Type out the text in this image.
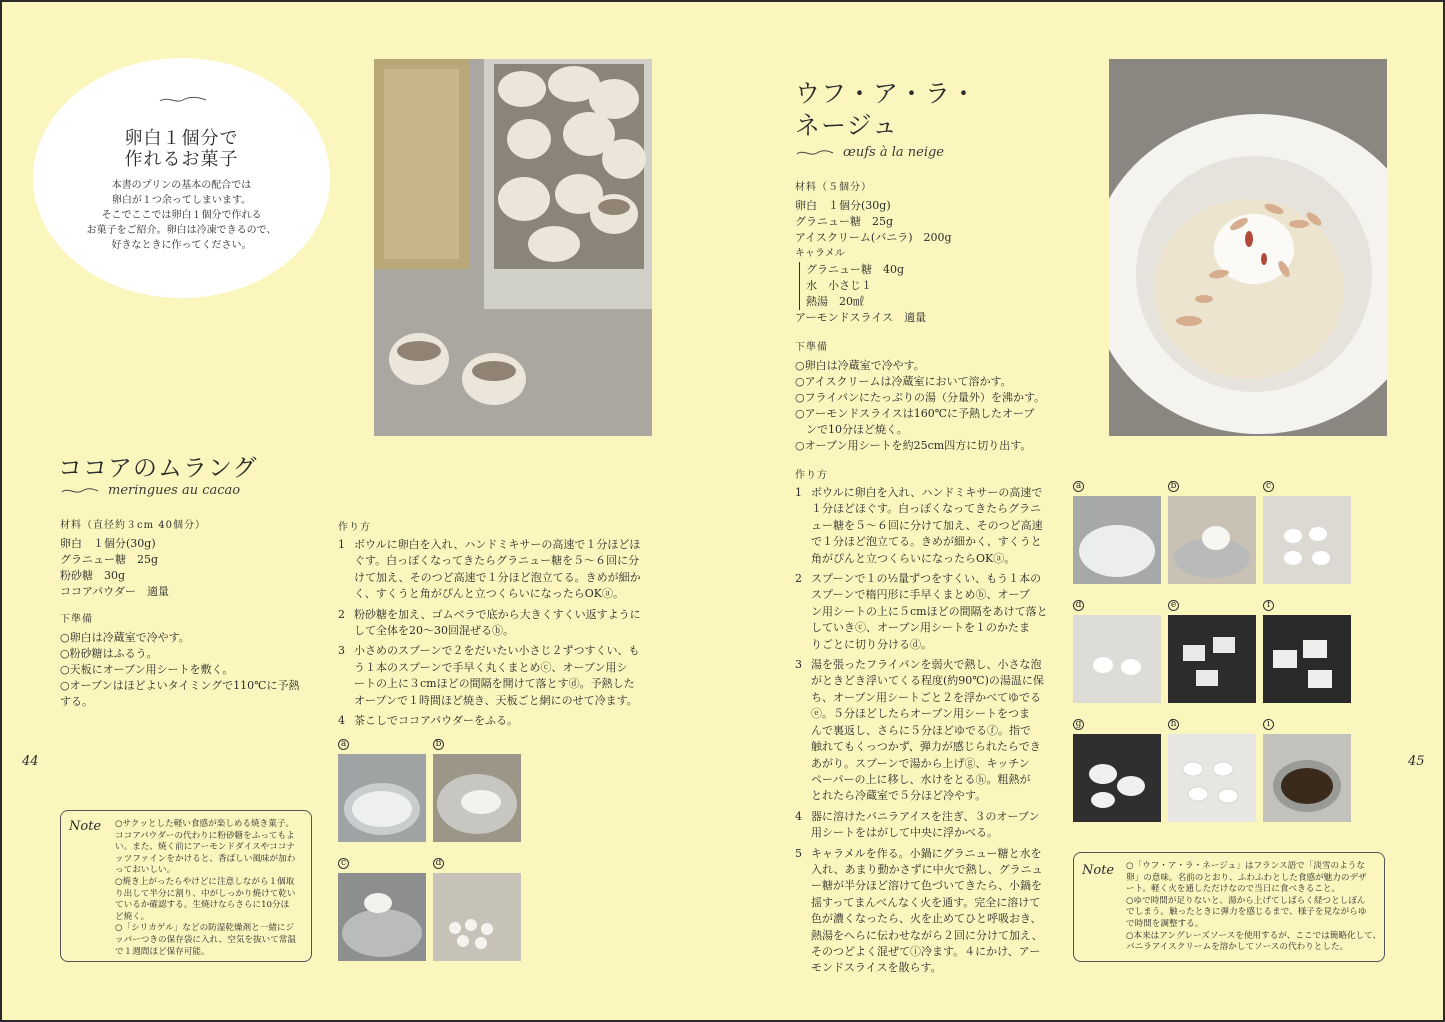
卵白１個分で
作れるお菓子
本書のプリンの基本の配合では
卵白が１つ余ってしまいます。
そこでここでは卵白１個分で作れる
お菓子をご紹介。卵白は冷凍できるので、
好きなときに作ってください。
ココアのムラング
meringues au cacao
材料（直径約３cm 40個分）
卵白　１個分(30g)
グラニュー糖　25g
粉砂糖　30g
ココアパウダー　適量
下準備
○卵白は冷蔵室で冷やす。
○粉砂糖はふるう。
○天板にオーブン用シートを敷く。
○オーブンはほどよいタイミングで110℃に予熱
する。
作り方
1 ボウルに卵白を入れ、ハンドミキサーの高速で１分ほどほ
ぐす。白っぽくなってきたらグラニュー糖を５〜６回に分
けて加え、そのつど高速で１分ほど泡立てる。きめが細か
く、すくうと角がぴんと立つくらいになったらOKⓐ。
2 粉砂糖を加え、ゴムベラで底から大きくすくい返すように
して全体を20〜30回混ぜるⓑ。
3 小さめのスプーンで２をだいたい小さじ２ずつすくい、も
う１本のスプーンで手早く丸くまとめⓒ、オーブン用シ
ートの上に３cmほどの間隔を開けて落とすⓓ。予熱した
オーブンで１時間ほど焼き、天板ごと網にのせて冷ます。
4 茶こしでココアパウダーをふる。
a	b
c	d
Note ○サクッとした軽い食感が楽しめる焼き菓子。
ココアパウダーの代わりに粉砂糖をふってもよ
い。また、焼く前にアーモンドダイスやココナ
ッツファインをかけると、香ばしい風味が加わ
っておいしい。
○焼き上がったらやけどに注意しながら１個取
り出して半分に割り、中がしっかり焼けて乾い
ているか確認する。生焼けならさらに10分ほ
ど焼く。
○「シリカゲル」などの防湿乾燥剤と一緒にジ
ッパーつきの保存袋に入れ、空気を抜いて常温
で１週間ほど保存可能。
44
ウフ・ア・ラ・
ネージュ
œufs à la neige
材料（５個分）
卵白　１個分(30g)
グラニュー糖　25g
アイスクリーム(バニラ)　200g
キャラメル
グラニュー糖　40g
水　小さじ１
熱湯　20㎖
アーモンドスライス　適量
下準備
○卵白は冷蔵室で冷やす。
○アイスクリームは冷蔵室において溶かす。
○フライパンにたっぷりの湯（分量外）を沸かす。
○アーモンドスライスは160℃に予熱したオーブ
　ンで10分ほど焼く。
○オーブン用シートを約25cm四方に切り出す。
作り方
1 ボウルに卵白を入れ、ハンドミキサーの高速で
１分ほどほぐす。白っぽくなってきたらグラニ
ュー糖を５〜６回に分けて加え、そのつど高速
で１分ほど泡立てる。きめが細かく、すくうと
角がぴんと立つくらいになったらOKⓐ。
2 スプーンで１の½量ずつをすくい、もう１本の
スプーンで楕円形に手早くまとめⓑ、オーブ
ン用シートの上に５cmほどの間隔をあけて落と
していきⓒ、オーブン用シートを１のかたま
りごとに切り分けるⓓ。
3 湯を張ったフライパンを弱火で熱し、小さな泡
がときどき浮いてくる程度(約90℃)の湯温に保
ち、オーブン用シートごと２を浮かべてゆでる
ⓔ。５分ほどしたらオーブン用シートをつま
んで裏返し、さらに５分ほどゆでるⓕ。指で
触れてもくっつかず、弾力が感じられたらでき
あがり。スプーンで湯から上げⓖ、キッチン
ペーパーの上に移し、水けをとるⓗ。粗熱が
とれたら冷蔵室で５分ほど冷やす。
4 器に溶けたバニラアイスを注ぎ、３のオーブン
用シートをはがして中央に浮かべる。
5 キャラメルを作る。小鍋にグラニュー糖と水を
入れ、あまり動かさずに中火で熱し、グラニュ
ー糖が半分ほど溶けて色づいてきたら、小鍋を
揺すってまんべんなく火を通す。完全に溶けて
色が濃くなったら、火を止めてひと呼吸おき、
熱湯をへらに伝わせながら２回に分けて加え、
そのつどよく混ぜてⓘ冷ます。４にかけ、アー
モンドスライスを散らす。
a	b	c
d	e	f
g	h	i
Note ○「ウフ・ア・ラ・ネージュ」はフランス語で「淡雪のような
卵」の意味。名前のとおり、ふわふわとした食感が魅力のデザ
ート。軽く火を通しただけなので当日に食べきること。
○ゆで時間が足りないと、湯から上げてしばらく経つとしぼん
でしまう。触ったときに弾力を感じるまで、様子を見ながらゆ
で時間を調整する。
○本来はアングレーズソースを使用するが、ここでは簡略化して、
バニラアイスクリームを溶かしてソースの代わりとした。
45
